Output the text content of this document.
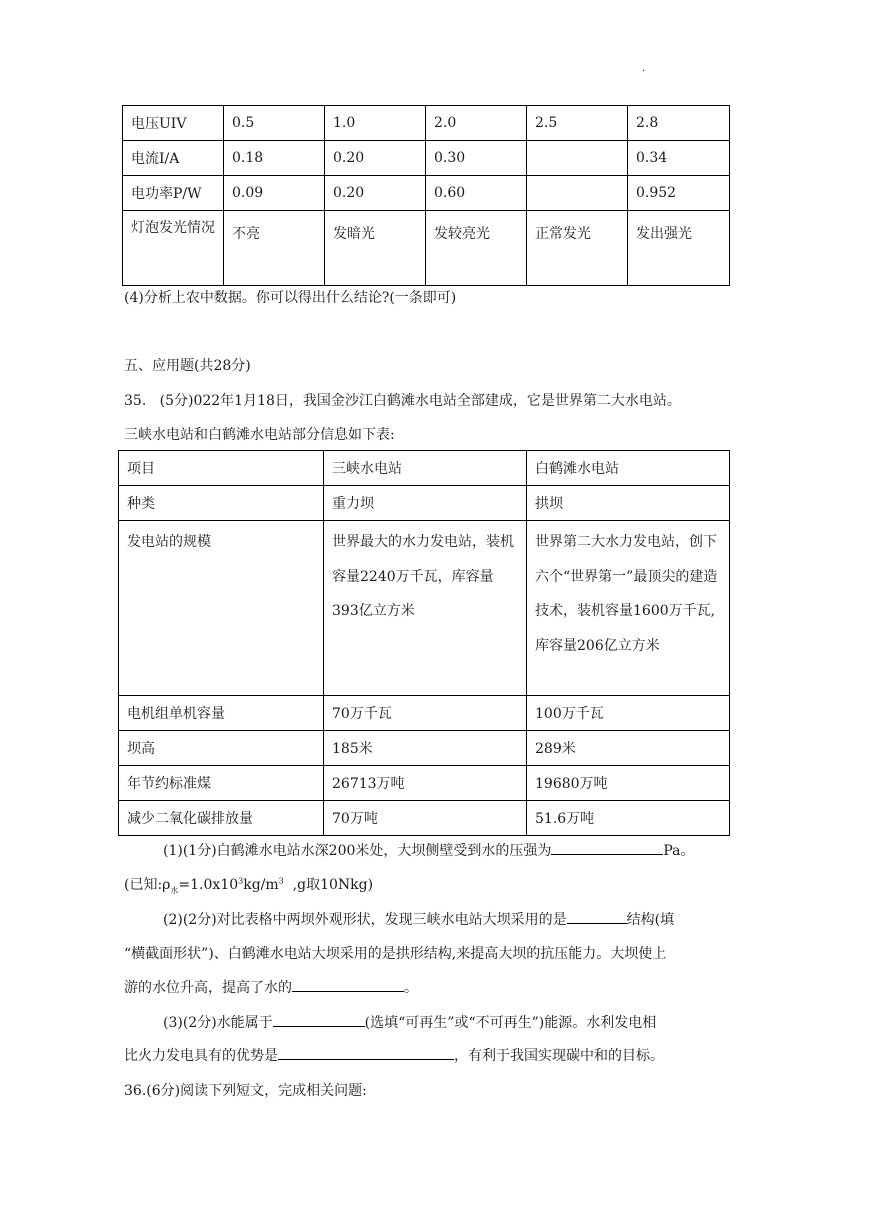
·
电压UIV	0.5	1.0	2.0	2.5	2.8
电流I/A	0.18	0.20	0.30		0.34
电功率P/W	0.09	0.20	0.60		0.952
灯泡发光情况	不亮	发暗光	发较亮光	正常发光	发出强光
(4)分析上农中数据。你可以得出什么结论?(一条即可)
五、应用题(共28分)
35.   (5分)022年1月18日，我国金沙江白鹤滩水电站全部建成，它是世界第二大水电站。
三峡水电站和白鹤滩水电站部分信息如下表:
项目	三峡水电站	白鹤滩水电站
种类	重力坝	拱坝
发电站的规模	世界最大的水力发电站，装机容量2240万千瓦，库容量393亿立方米	世界第二大水力发电站，创下六个“世界第一”最顶尖的建造技术，装机容量1600万千瓦,库容量206亿立方米
电机组单机容量	70万千瓦	100万千瓦
坝高	185米	289米
年节约标准煤	26713万吨	19680万吨
减少二氧化碳排放量	70万吨	51.6万吨
(1)(1分)白鹤滩水电站水深200米处，大坝侧壁受到水的压强为	Pa。
(已知$:\rho_水=1.0x10^3kg/m^3$  ,g取10Nkg)
(2)(2分)对比表格中两坝外观形状，发现三峡水电站大坝采用的是	结构(填
“横截面形状”)、白鹤滩水电站大坝采用的是拱形结构,来提高大坝的抗压能力。大坝使上
游的水位升高，提高了水的	。
(3)(2分)水能属于	(选填“可再生”或“不可再生”)能源。水利发电相
比火力发电具有的优势是	，有利于我国实现碳中和的目标。
36.(6分)阅读下列短文，完成相关问题:
